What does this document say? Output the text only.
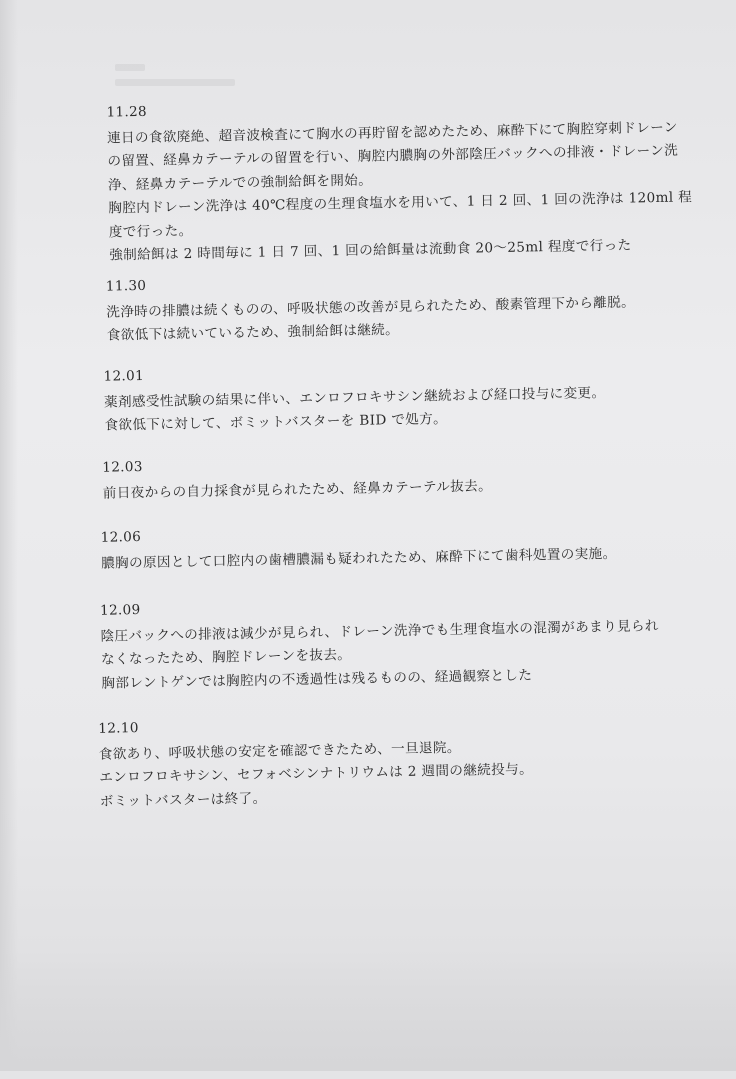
11.28
連日の食欲廃絶、超音波検査にて胸水の再貯留を認めたため、麻酔下にて胸腔穿刺ドレーン
の留置、経鼻カテーテルの留置を行い、胸腔内膿胸の外部陰圧バックへの排液・ドレーン洗
浄、経鼻カテーテルでの強制給餌を開始。
胸腔内ドレーン洗浄は 40℃程度の生理食塩水を用いて、1 日 2 回、1 回の洗浄は 120ml 程
度で行った。
強制給餌は 2 時間毎に 1 日 7 回、1 回の給餌量は流動食 20～25ml 程度で行った
11.30
洗浄時の排膿は続くものの、呼吸状態の改善が見られたため、酸素管理下から離脱。
食欲低下は続いているため、強制給餌は継続。
12.01
薬剤感受性試験の結果に伴い、エンロフロキサシン継続および経口投与に変更。
食欲低下に対して、ボミットバスターを BID で処方。
12.03
前日夜からの自力採食が見られたため、経鼻カテーテル抜去。
12.06
膿胸の原因として口腔内の歯槽膿漏も疑われたため、麻酔下にて歯科処置の実施。
12.09
陰圧バックへの排液は減少が見られ、ドレーン洗浄でも生理食塩水の混濁があまり見られ
なくなったため、胸腔ドレーンを抜去。
胸部レントゲンでは胸腔内の不透過性は残るものの、経過観察とした
12.10
食欲あり、呼吸状態の安定を確認できたため、一旦退院。
エンロフロキサシン、セフォベシンナトリウムは 2 週間の継続投与。
ボミットバスターは終了。
